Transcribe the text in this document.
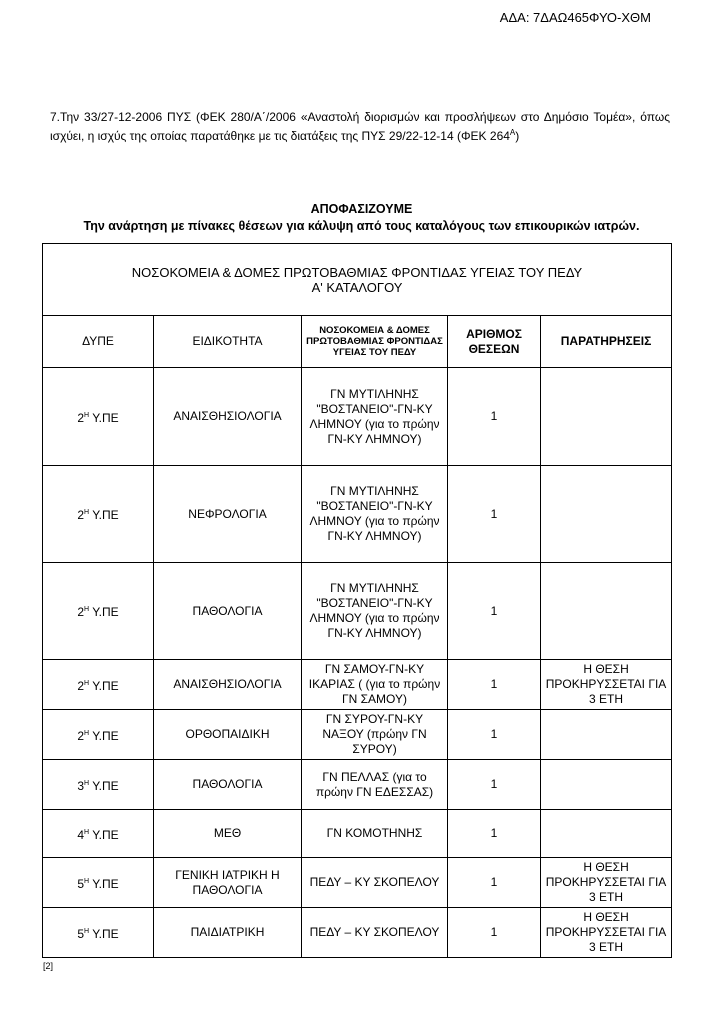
ΑΔΑ: 7ΔΑΩ465ΦΥΟ-ΧΘΜ
7.Την 33/27-12-2006 ΠΥΣ (ΦΕΚ 280/Α΄/2006 «Αναστολή διορισμών και προσλήψεων στο Δημόσιο Τομέα», όπως ισχύει, η ισχύς της οποίας παρατάθηκε με τις διατάξεις της ΠΥΣ 29/22-12-14 (ΦΕΚ $264^A$)
ΑΠΟΦΑΣΙΖΟΥΜΕ
Την ανάρτηση με πίνακες θέσεων για κάλυψη από τους καταλόγους των επικουρικών ιατρών.
ΝΟΣΟΚΟΜΕΙΑ & ΔΟΜΕΣ ΠΡΩΤΟΒΑΘΜΙΑΣ ΦΡΟΝΤΙΔΑΣ ΥΓΕΙΑΣ ΤΟΥ ΠΕΔΥ
Α' ΚΑΤΑΛΟΓΟΥ				

ΔΥΠΕ	ΕΙΔΙΚΟΤΗΤΑ	ΝΟΣΟΚΟΜΕΙΑ & ΔΟΜΕΣ ΠΡΩΤΟΒΑΘΜΙΑΣ ΦΡΟΝΤΙΔΑΣ ΥΓΕΙΑΣ ΤΟΥ ΠΕΔΥ	ΑΡΙΘΜΟΣ ΘΕΣΕΩΝ	ΠΑΡΑΤΗΡΗΣΕΙΣ
$2^H$ Υ.ΠΕ	ΑΝΑΙΣΘΗΣΙΟΛΟΓΙΑ	ΓΝ ΜΥΤΙΛΗΝΗΣ "ΒΟΣΤΑΝΕΙΟ"-ΓΝ-ΚΥ ΛΗΜΝΟΥ (για το πρώην ΓΝ-ΚΥ ΛΗΜΝΟΥ)	1	
$2^H$ Υ.ΠΕ	ΝΕΦΡΟΛΟΓΙΑ	ΓΝ ΜΥΤΙΛΗΝΗΣ "ΒΟΣΤΑΝΕΙΟ"-ΓΝ-ΚΥ ΛΗΜΝΟΥ (για το πρώην ΓΝ-ΚΥ ΛΗΜΝΟΥ)	1	
$2^H$ Υ.ΠΕ	ΠΑΘΟΛΟΓΙΑ	ΓΝ ΜΥΤΙΛΗΝΗΣ "ΒΟΣΤΑΝΕΙΟ"-ΓΝ-ΚΥ ΛΗΜΝΟΥ (για το πρώην ΓΝ-ΚΥ ΛΗΜΝΟΥ)	1	
$2^H$ Υ.ΠΕ	ΑΝΑΙΣΘΗΣΙΟΛΟΓΙΑ	ΓΝ ΣΑΜΟΥ-ΓΝ-ΚΥ ΙΚΑΡΙΑΣ ( (για το πρώην ΓΝ ΣΑΜΟΥ)	1	Η ΘΕΣΗ ΠΡΟΚΗΡΥΣΣΕΤΑΙ ΓΙΑ 3 ΕΤΗ
$2^H$ Υ.ΠΕ	ΟΡΘΟΠΑΙΔΙΚΗ	ΓΝ ΣΥΡΟΥ-ΓΝ-ΚΥ ΝΑΞΟΥ (πρώην ΓΝ ΣΥΡΟΥ)	1	
$3^H$ Υ.ΠΕ	ΠΑΘΟΛΟΓΙΑ	ΓΝ ΠΕΛΛΑΣ (για το πρώην ΓΝ ΕΔΕΣΣΑΣ)	1	
$4^H$ Υ.ΠΕ	ΜΕΘ	ΓΝ ΚΟΜΟΤΗΝΗΣ	1	
$5^H$ Υ.ΠΕ	ΓΕΝΙΚΗ ΙΑΤΡΙΚΗ Η ΠΑΘΟΛΟΓΙΑ	ΠΕΔΥ – ΚΥ ΣΚΟΠΕΛΟΥ	1	Η ΘΕΣΗ ΠΡΟΚΗΡΥΣΣΕΤΑΙ ΓΙΑ 3 ΕΤΗ
$5^H$ Υ.ΠΕ	ΠΑΙΔΙΑΤΡΙΚΗ	ΠΕΔΥ – ΚΥ ΣΚΟΠΕΛΟΥ	1	Η ΘΕΣΗ ΠΡΟΚΗΡΥΣΣΕΤΑΙ ΓΙΑ 3 ΕΤΗ
[2]
